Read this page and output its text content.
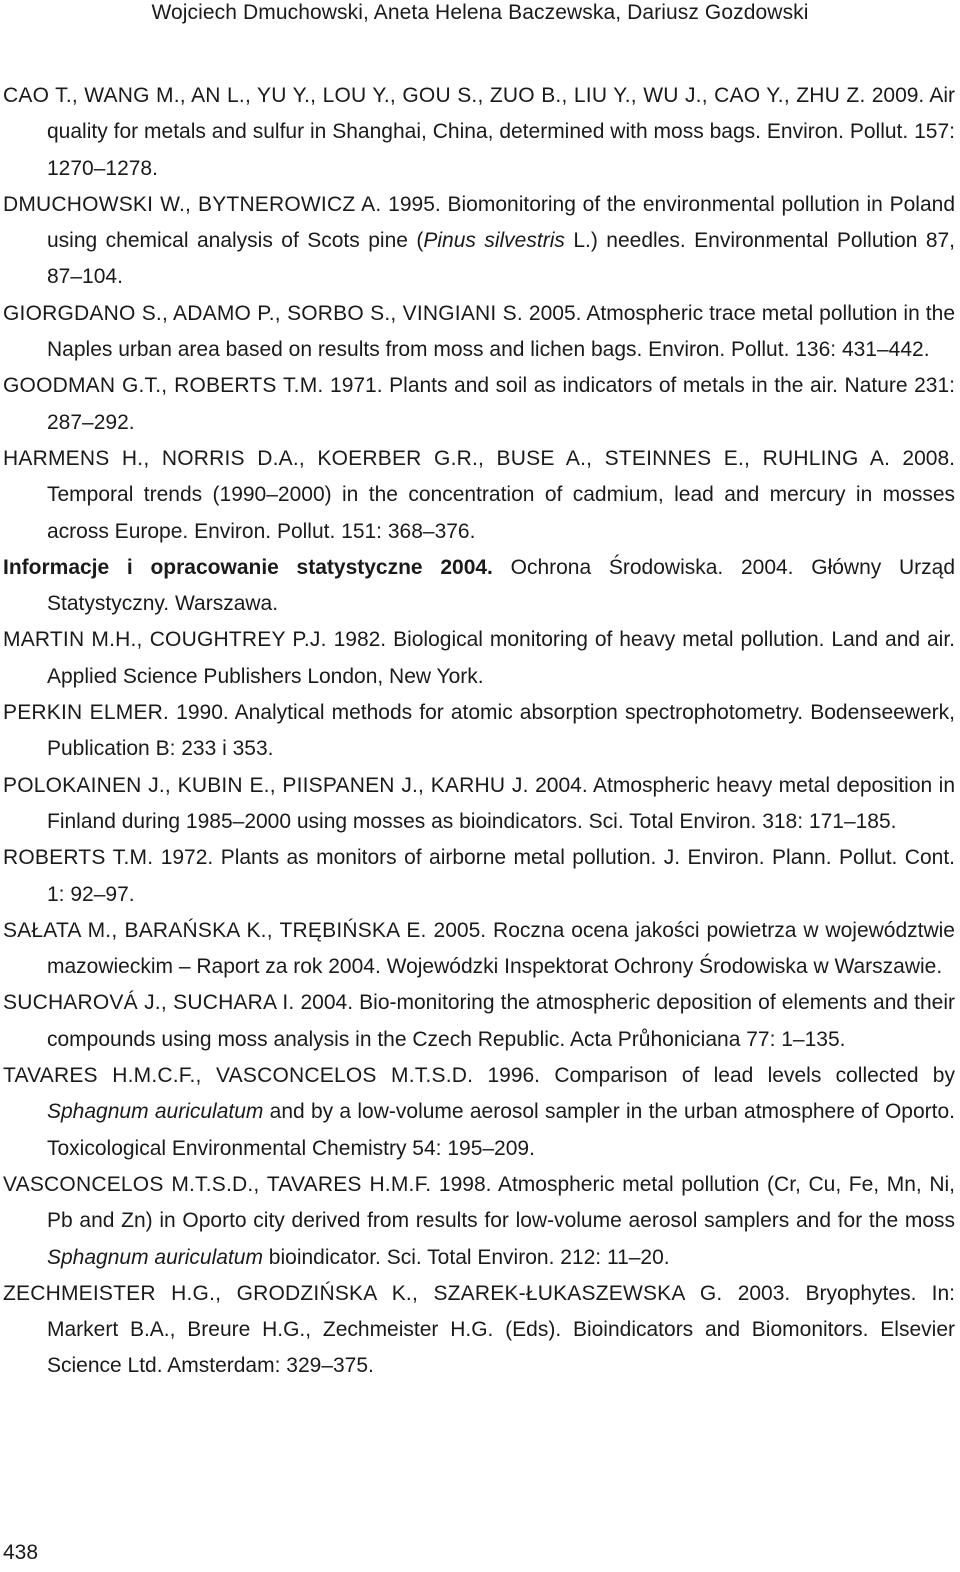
Wojciech Dmuchowski, Aneta Helena Baczewska, Dariusz Gozdowski

CAO T., WANG M., AN L., YU Y., LOU Y., GOU S., ZUO B., LIU Y., WU J., CAO Y., ZHU Z. 2009. Air quality for metals and sulfur in Shanghai, China, determined with moss bags. Environ. Pollut. 157: 1270–1278.

DMUCHOWSKI W., BYTNEROWICZ A. 1995. Biomonitoring of the environmental pollution in Poland using chemical analysis of Scots pine (Pinus silvestris L.) needles. Environmental Pollution 87, 87–104.

GIORGDANO S., ADAMO P., SORBO S., VINGIANI S. 2005. Atmospheric trace metal pollution in the Naples urban area based on results from moss and lichen bags. Environ. Pollut. 136: 431–442.

GOODMAN G.T., ROBERTS T.M. 1971. Plants and soil as indicators of metals in the air. Nature 231: 287–292.

HARMENS H., NORRIS D.A., KOERBER G.R., BUSE A., STEINNES E., RUHLING A. 2008. Temporal trends (1990–2000) in the concentration of cadmium, lead and mercury in mosses across Europe. Environ. Pollut. 151: 368–376.

Informacje i opracowanie statystyczne 2004. Ochrona Środowiska. 2004. Główny Urząd Statystyczny. Warszawa.

MARTIN M.H., COUGHTREY P.J. 1982. Biological monitoring of heavy metal pollution. Land and air. Applied Science Publishers London, New York.

PERKIN ELMER. 1990. Analytical methods for atomic absorption spectrophotometry. Bodenseewerk, Publication B: 233 i 353.

POLOKAINEN J., KUBIN E., PIISPANEN J., KARHU J. 2004. Atmospheric heavy metal deposition in Finland during 1985–2000 using mosses as bioindicators. Sci. Total Environ. 318: 171–185.

ROBERTS T.M. 1972. Plants as monitors of airborne metal pollution. J. Environ. Plann. Pollut. Cont. 1: 92–97.

SAŁATA M., BARAŃSKA K., TRĘBIŃSKA E. 2005. Roczna ocena jakości powietrza w województwie mazowieckim – Raport za rok 2004. Wojewódzki Inspektorat Ochrony Środowiska w Warszawie.

SUCHAROVÁ J., SUCHARA I. 2004. Bio-monitoring the atmospheric deposition of elements and their compounds using moss analysis in the Czech Republic. Acta Průhoniciana 77: 1–135.

TAVARES H.M.C.F., VASCONCELOS M.T.S.D. 1996. Comparison of lead levels collected by Sphagnum auriculatum and by a low-volume aerosol sampler in the urban atmosphere of Oporto. Toxicological Environmental Chemistry 54: 195–209.

VASCONCELOS M.T.S.D., TAVARES H.M.F. 1998. Atmospheric metal pollution (Cr, Cu, Fe, Mn, Ni, Pb and Zn) in Oporto city derived from results for low-volume aerosol samplers and for the moss Sphagnum auriculatum bioindicator. Sci. Total Environ. 212: 11–20.

ZECHMEISTER H.G., GRODZIŃSKA K., SZAREK-ŁUKASZEWSKA G. 2003. Bryophytes. In: Markert B.A., Breure H.G., Zechmeister H.G. (Eds). Bioindicators and Biomonitors. Elsevier Science Ltd. Amsterdam: 329–375.

438
